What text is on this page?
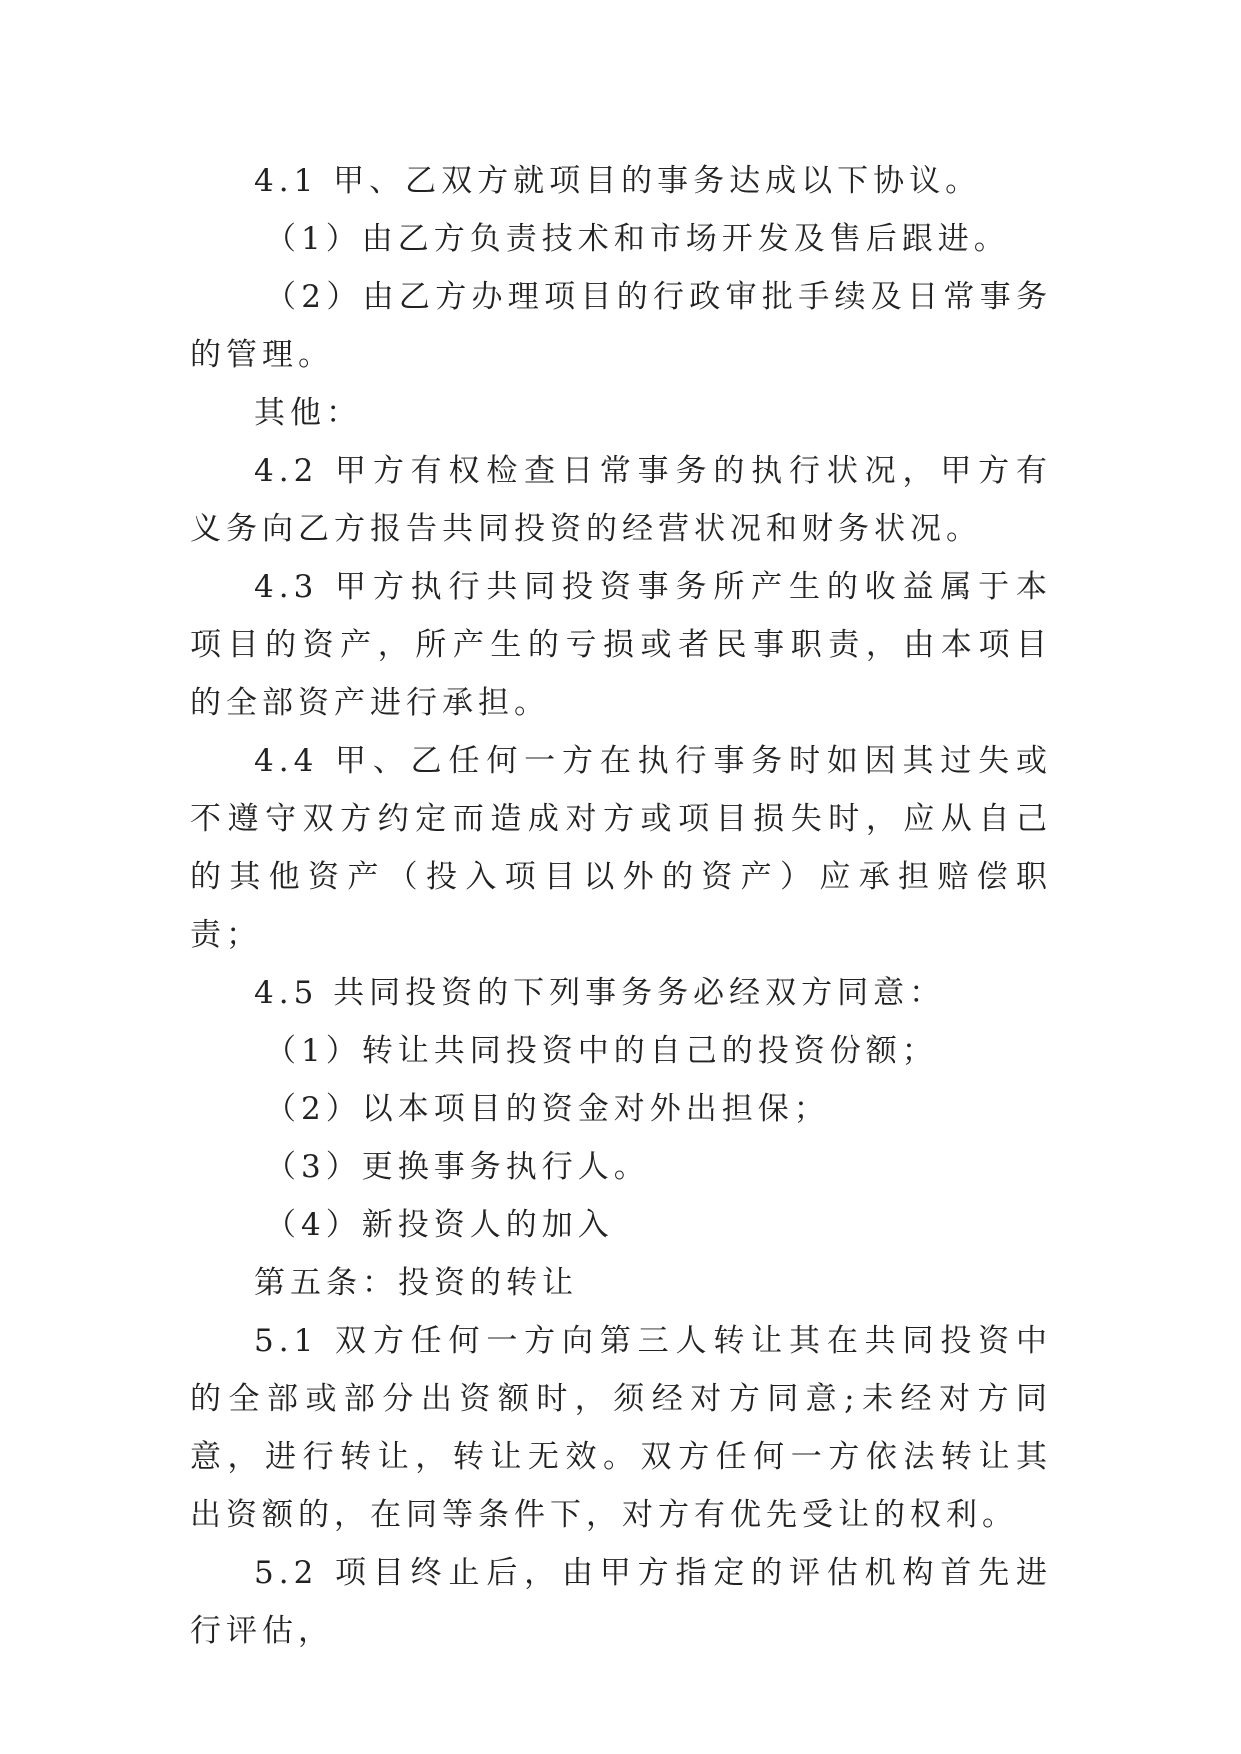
4.1 甲、乙双方就项目的事务达成以下协议。

（1）由乙方负责技术和市场开发及售后跟进。

（2）由乙方办理项目的行政审批手续及日常事务的管理。

其他：

4.2 甲方有权检查日常事务的执行状况，甲方有义务向乙方报告共同投资的经营状况和财务状况。

4.3 甲方执行共同投资事务所产生的收益属于本项目的资产，所产生的亏损或者民事职责，由本项目的全部资产进行承担。

4.4 甲、乙任何一方在执行事务时如因其过失或不遵守双方约定而造成对方或项目损失时，应从自己的其他资产（投入项目以外的资产）应承担赔偿职责；

4.5 共同投资的下列事务务必经双方同意：

（1）转让共同投资中的自己的投资份额；

（2）以本项目的资金对外出担保；

（3）更换事务执行人。

（4）新投资人的加入

第五条：投资的转让

5.1 双方任何一方向第三人转让其在共同投资中的全部或部分出资额时，须经对方同意;未经对方同意，进行转让，转让无效。双方任何一方依法转让其出资额的，在同等条件下，对方有优先受让的权利。

5.2 项目终止后，由甲方指定的评估机构首先进行评估，
